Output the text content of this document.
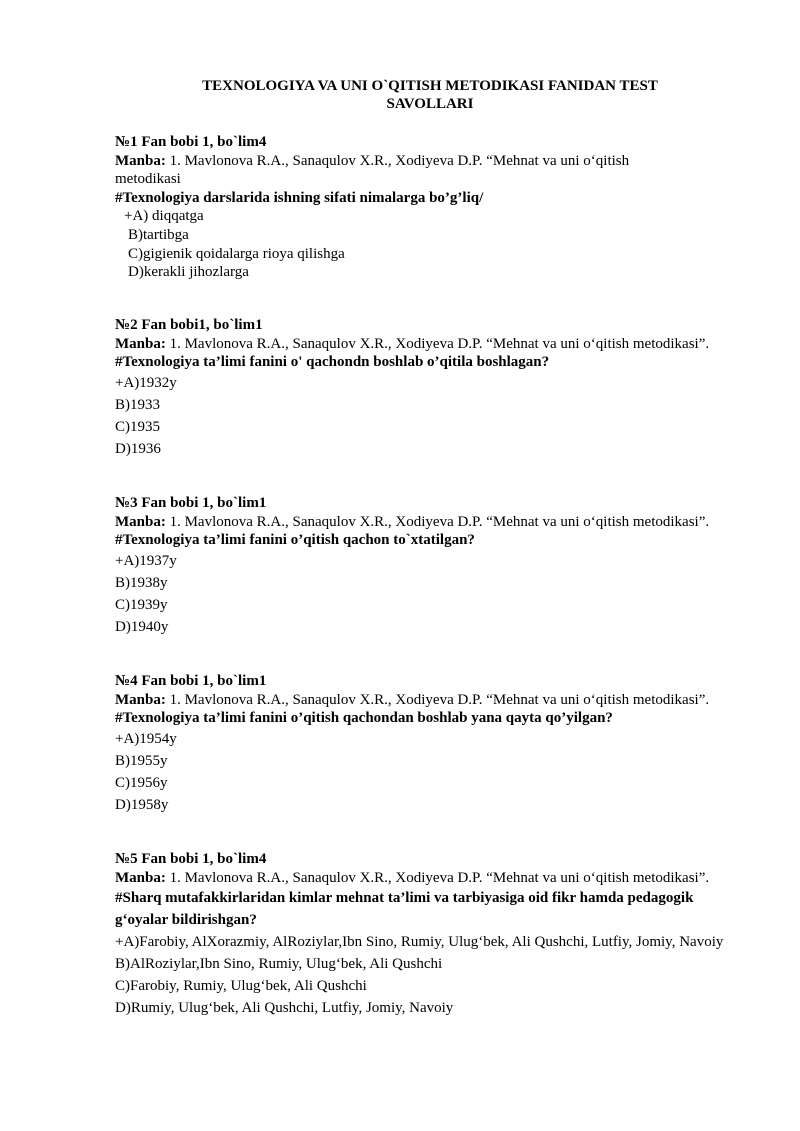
TEXNOLOGIYA VA UNI O`QITISH METODIKASI FANIDAN TEST
SAVOLLARI
№1 Fan bobi 1, bo`lim4
Manba: 1. Mavlonova R.A., Sanaqulov X.R., Xodiyeva D.P. “Mehnat va uni o‘qitish
metodikasi
#Texnologiya darslarida ishning sifati nimalarga bo’g’liq/
+A) diqqatga
B)tartibga
C)gigienik qoidalarga rioya qilishga
D)kerakli jihozlarga
№2 Fan bobi1, bo`lim1
Manba: 1. Mavlonova R.A., Sanaqulov X.R., Xodiyeva D.P. “Mehnat va uni o‘qitish metodikasi”.
#Texnologiya ta’limi fanini o' qachondn boshlab o’qitila boshlagan?
+A)1932y
B)1933
C)1935
D)1936
№3 Fan bobi 1, bo`lim1
Manba: 1. Mavlonova R.A., Sanaqulov X.R., Xodiyeva D.P. “Mehnat va uni o‘qitish metodikasi”.
#Texnologiya ta’limi fanini o’qitish qachon to`xtatilgan?
+A)1937y
B)1938y
C)1939y
D)1940y
№4 Fan bobi 1, bo`lim1
Manba: 1. Mavlonova R.A., Sanaqulov X.R., Xodiyeva D.P. “Mehnat va uni o‘qitish metodikasi”.
#Texnologiya ta’limi fanini o’qitish qachondan boshlab yana qayta qo’yilgan?
+A)1954y
B)1955y
C)1956y
D)1958y
№5 Fan bobi 1, bo`lim4
Manba: 1. Mavlonova R.A., Sanaqulov X.R., Xodiyeva D.P. “Mehnat va uni o‘qitish metodikasi”.
#Sharq mutafakkirlaridan kimlar mehnat ta’limi va tarbiyasiga oid fikr hamda pedagogik g‘oyalar bildirishgan?
+A)Farobiy, AlXorazmiy, AlRoziylar,Ibn Sino, Rumiy, Ulug‘bek, Ali Qushchi, Lutfiy, Jomiy, Navoiy
B)AlRoziylar,Ibn Sino, Rumiy, Ulug‘bek, Ali Qushchi
C)Farobiy, Rumiy, Ulug‘bek, Ali Qushchi
D)Rumiy, Ulug‘bek, Ali Qushchi, Lutfiy, Jomiy, Navoiy
